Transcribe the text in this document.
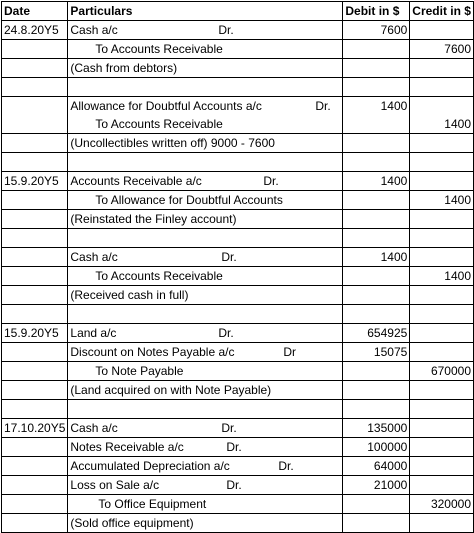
Date	Particulars	Debit in $	Credit in $
24.8.20Y5	Cash a/c Dr.	7600	

	To Accounts Receivable		7600

	(Cash from debtors)		

	Allowance for Doubtful Accounts a/c Dr.	1400	

	To Accounts Receivable		1400

	(Uncollectibles written off) 9000 - 7600		

15.9.20Y5	Accounts Receivable a/c Dr.	1400	

	To Allowance for Doubtful Accounts		1400

	(Reinstated the Finley account)		

	Cash a/c Dr.	1400	

	To Accounts Receivable		1400

	(Received cash in full)		

15.9.20Y5	Land a/c Dr.	654925	

	Discount on Notes Payable a/c Dr	15075	

	To Note Payable		670000

	(Land acquired on with Note Payable)		

17.10.20Y5	Cash a/c Dr.	135000	

	Notes Receivable a/c Dr.	100000	

	Accumulated Depreciation a/c Dr.	64000	

	Loss on Sale a/c Dr.	21000	

	To Office Equipment		320000

	(Sold office equipment)		
